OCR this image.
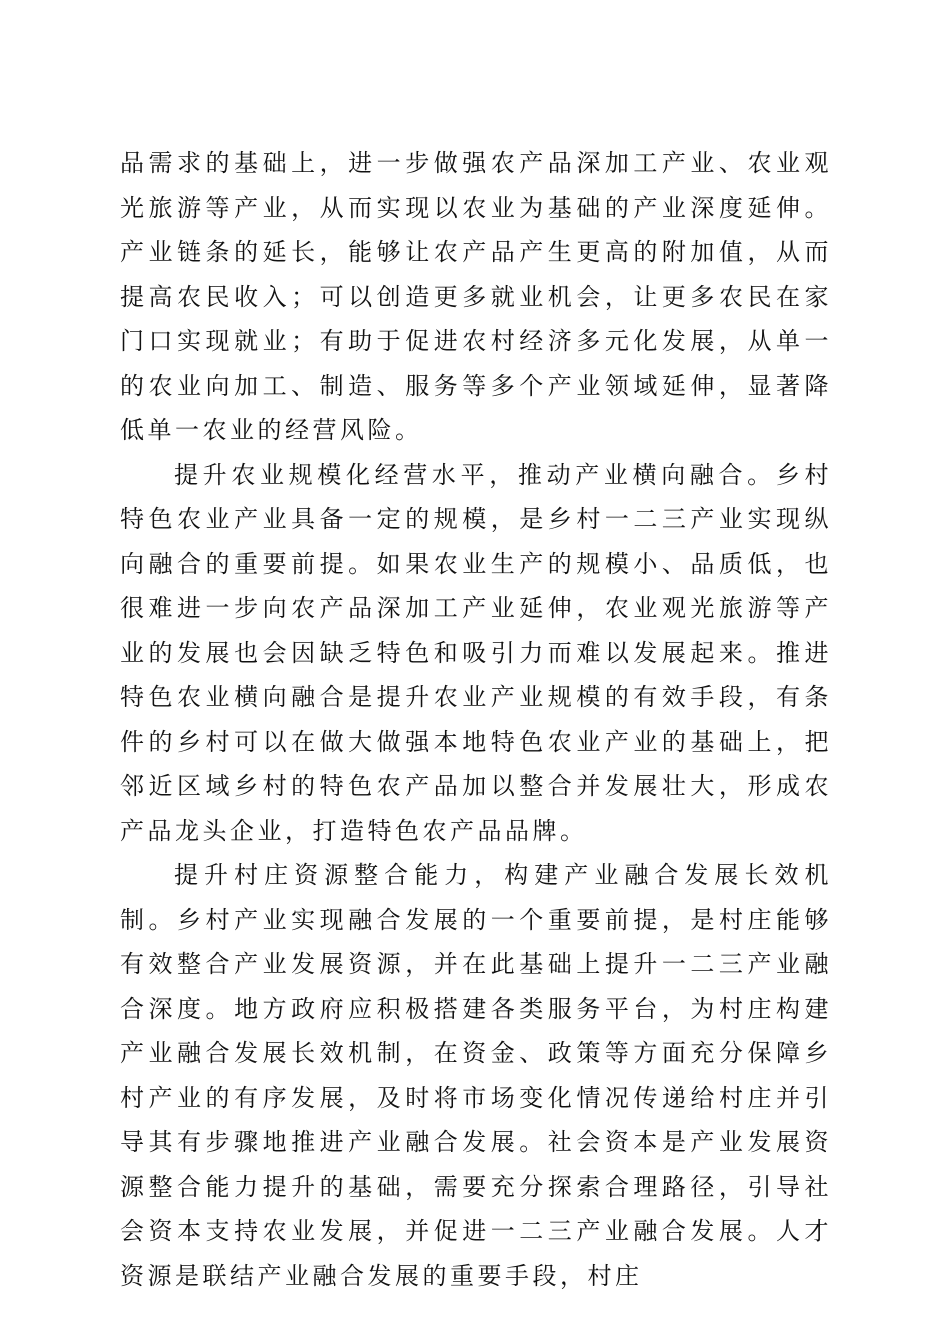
品需求的基础上，进一步做强农产品深加工产业、农业观光旅游等产业，从而实现以农业为基础的产业深度延伸。产业链条的延长，能够让农产品产生更高的附加值，从而提高农民收入；可以创造更多就业机会，让更多农民在家门口实现就业；有助于促进农村经济多元化发展，从单一的农业向加工、制造、服务等多个产业领域延伸，显著降低单一农业的经营风险。

提升农业规模化经营水平，推动产业横向融合。乡村特色农业产业具备一定的规模，是乡村一二三产业实现纵向融合的重要前提。如果农业生产的规模小、品质低，也很难进一步向农产品深加工产业延伸，农业观光旅游等产业的发展也会因缺乏特色和吸引力而难以发展起来。推进特色农业横向融合是提升农业产业规模的有效手段，有条件的乡村可以在做大做强本地特色农业产业的基础上，把邻近区域乡村的特色农产品加以整合并发展壮大，形成农产品龙头企业，打造特色农产品品牌。

提升村庄资源整合能力，构建产业融合发展长效机制。乡村产业实现融合发展的一个重要前提，是村庄能够有效整合产业发展资源，并在此基础上提升一二三产业融合深度。地方政府应积极搭建各类服务平台，为村庄构建产业融合发展长效机制，在资金、政策等方面充分保障乡村产业的有序发展，及时将市场变化情况传递给村庄并引导其有步骤地推进产业融合发展。社会资本是产业发展资源整合能力提升的基础，需要充分探索合理路径，引导社会资本支持农业发展，并促进一二三产业融合发展。人才资源是联结产业融合发展的重要手段，村庄
